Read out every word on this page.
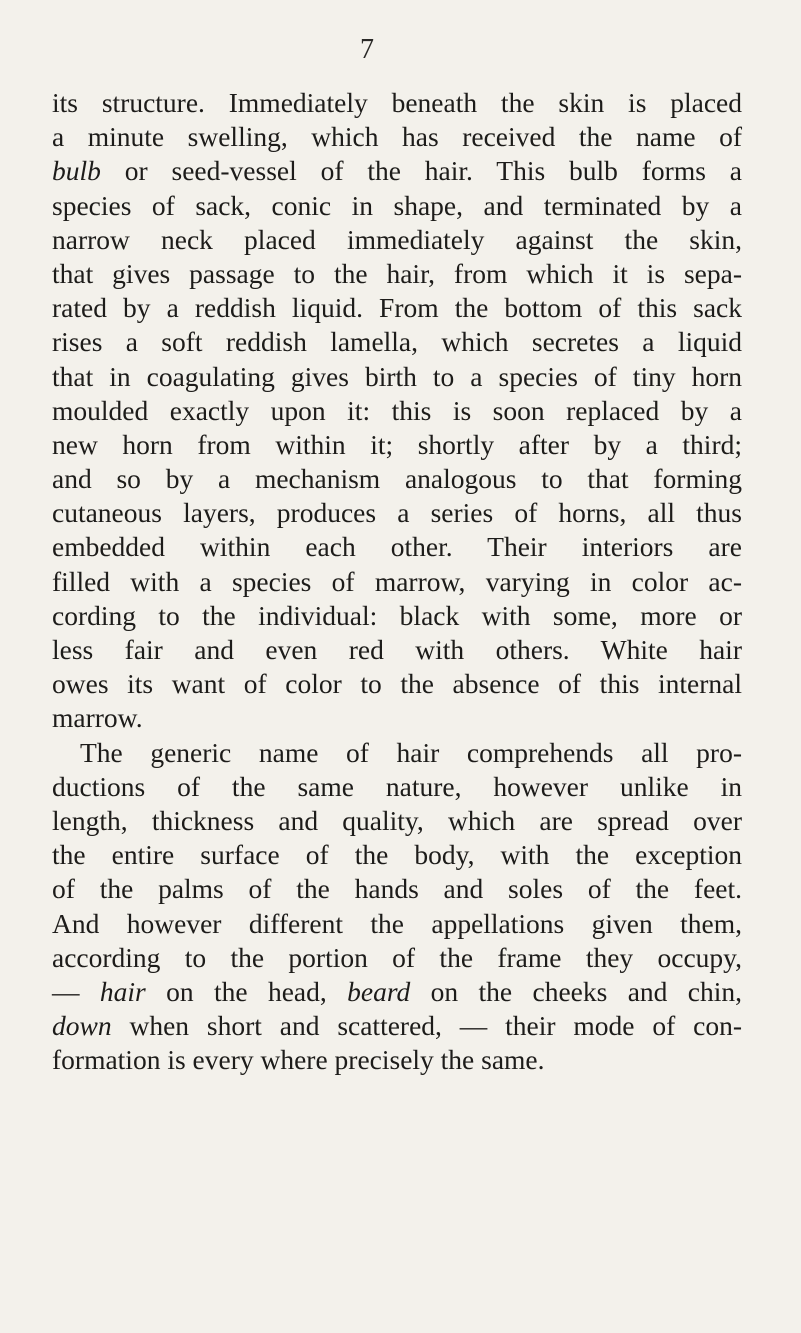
7
its structure. Immediately beneath the skin is placed
a minute swelling, which has received the name of
bulb or seed-vessel of the hair. This bulb forms a
species of sack, conic in shape, and terminated by a
narrow neck placed immediately against the skin,
that gives passage to the hair, from which it is sepa-
rated by a reddish liquid. From the bottom of this sack
rises a soft reddish lamella, which secretes a liquid
that in coagulating gives birth to a species of tiny horn
moulded exactly upon it: this is soon replaced by a
new horn from within it; shortly after by a third;
and so by a mechanism analogous to that forming
cutaneous layers, produces a series of horns, all thus
embedded within each other. Their interiors are
filled with a species of marrow, varying in color ac-
cording to the individual: black with some, more or
less fair and even red with others. White hair
owes its want of color to the absence of this internal
marrow.
The generic name of hair comprehends all pro-
ductions of the same nature, however unlike in
length, thickness and quality, which are spread over
the entire surface of the body, with the exception
of the palms of the hands and soles of the feet.
And however different the appellations given them,
according to the portion of the frame they occupy,
— hair on the head, beard on the cheeks and chin,
down when short and scattered, — their mode of con-
formation is every where precisely the same.
